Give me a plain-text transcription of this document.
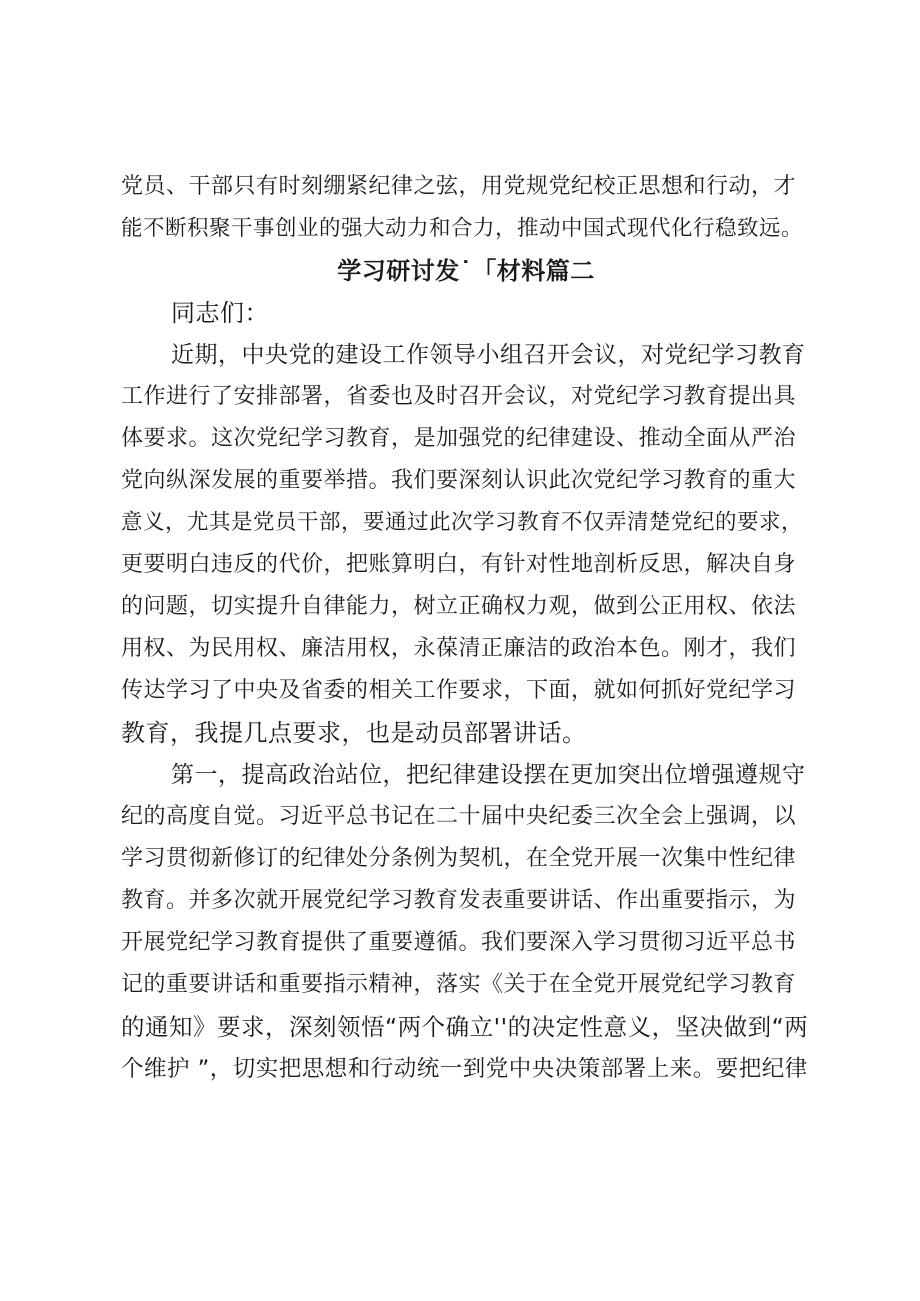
党员、干部只有时刻绷紧纪律之弦，用党规党纪校正思想和行动，才
能不断积聚干事创业的强大动力和合力，推动中国式现代化行稳致远。
学习研讨发˙「材料篇二
同志们：
近期，中央党的建设工作领导小组召开会议，对党纪学习教育
工作进行了安排部署，省委也及时召开会议，对党纪学习教育提出具
体要求。这次党纪学习教育，是加强党的纪律建设、推动全面从严治
党向纵深发展的重要举措。我们要深刻认识此次党纪学习教育的重大
意义，尤其是党员干部，要通过此次学习教育不仅弄清楚党纪的要求，
更要明白违反的代价，把账算明白，有针对性地剖析反思，解决自身
的问题，切实提升自律能力，树立正确权力观，做到公正用权、依法
用权、为民用权、廉洁用权，永葆清正廉洁的政治本色。刚才，我们
传达学习了中央及省委的相关工作要求，下面，就如何抓好党纪学习
教育，我提几点要求，也是动员部署讲话。
第一，提高政治站位，把纪律建设摆在更加突出位增强遵规守
纪的高度自觉。习近平总书记在二十届中央纪委三次全会上强调，以
学习贯彻新修订的纪律处分条例为契机，在全党开展一次集中性纪律
教育。并多次就开展党纪学习教育发表重要讲话、作出重要指示，为
开展党纪学习教育提供了重要遵循。我们要深入学习贯彻习近平总书
记的重要讲话和重要指示精神，落实《关于在全党开展党纪学习教育
的通知》要求，深刻领悟“两个确立''的决定性意义，坚决做到“两
个维护 ”，切实把思想和行动统一到党中央决策部署上来。要把纪律
